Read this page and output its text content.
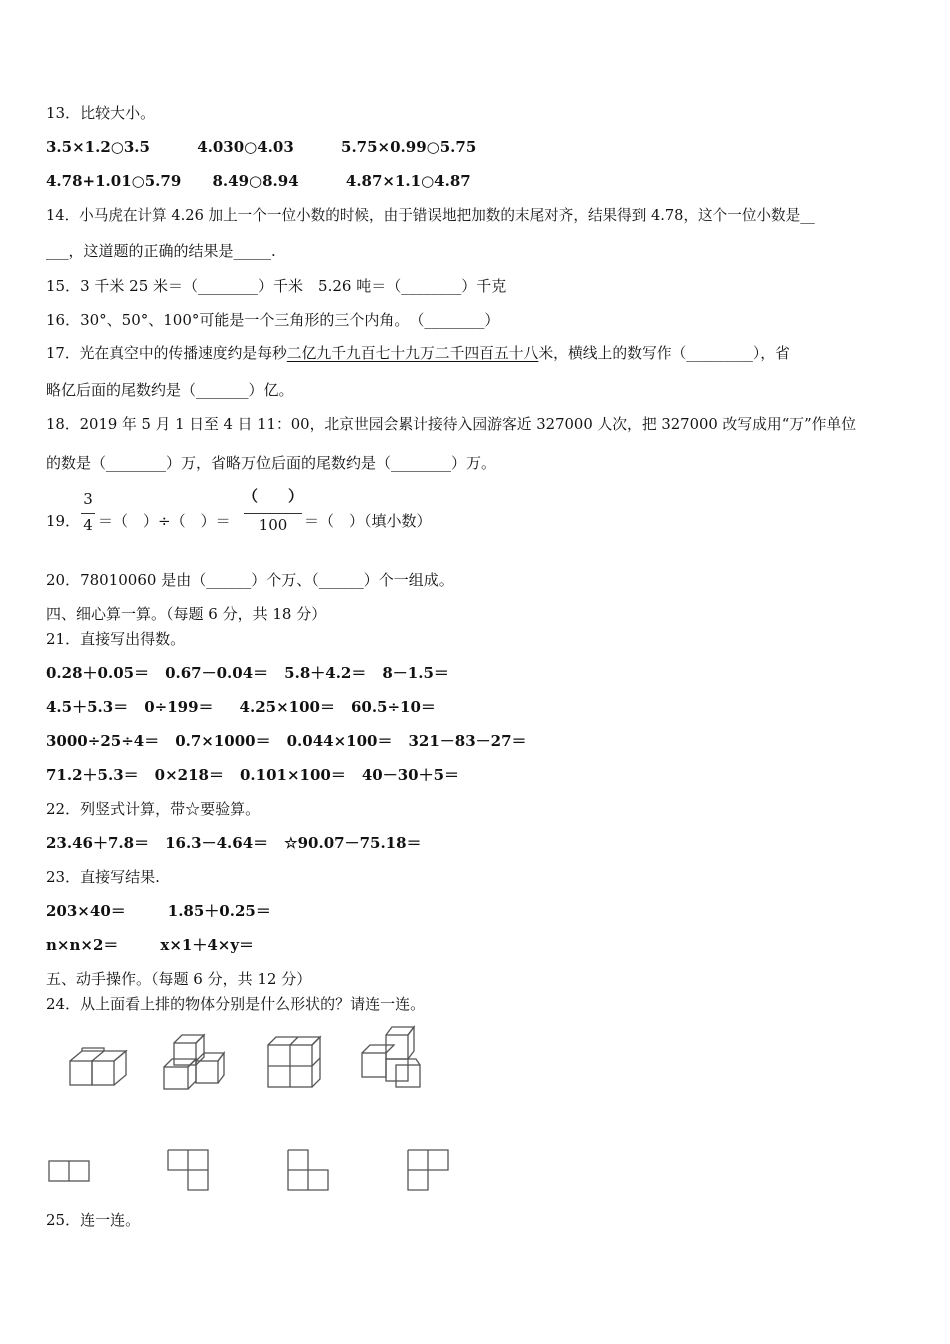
13．比较大小。
3.5×1.2○3.5	4.030○4.03	5.75×0.99○5.75
4.78+1.01○5.79 8.49○8.94	4.87×1.1○4.87
14．小马虎在计算 4.26 加上一个一位小数的时候，由于错误地把加数的末尾对齐，结果得到 4.78，这个一位小数是__
___，这道题的正确的结果是_____.
15．3 千米 25 米＝（________）千米　5.26 吨＝（________）千克
16．30°、50°、100°可能是一个三角形的三个内角。　（________）
17．光在真空中的传播速度约是每秒二亿九千九百七十九万二千四百五十八米，横线上的数写作（_________），省
略亿后面的尾数约是（_______）亿。
18．2019 年 5 月 1 日至 4 日 11：00，北京世园会累计接待入园游客近 327000 人次，把 327000 改写成用“万”作单位
的数是（________）万，省略万位后面的尾数约是（________）万。
19．
3
4 ＝（　）÷（　）＝
（　　）
100	＝（　）（填小数）
20．78010060 是由（______）个万、（______）个一组成。
四、细心算一算。（每题 6 分，共 18 分）
21．直接写出得数。
0.28＋0.05＝ 0.67－0.04＝ 5.8＋4.2＝ 8－1.5＝
4.5＋5.3＝ 0÷199＝ 4.25×100＝ 60.5÷10＝
3000÷25÷4＝ 0.7×1000＝ 0.044×100＝ 321－83－27＝
71.2＋5.3＝ 0×218＝ 0.101×100＝ 40－30＋5＝
22．列竖式计算，带☆要验算。
23.46＋7.8＝ 16.3－4.64＝ ☆90.07－75.18＝
23．直接写结果.
203×40＝	1.85＋0.25＝
n×n×2＝	x×1＋4×y＝
五、动手操作。（每题 6 分，共 12 分）
24．从上面看上排的物体分别是什么形状的？请连一连。
25．连一连。
